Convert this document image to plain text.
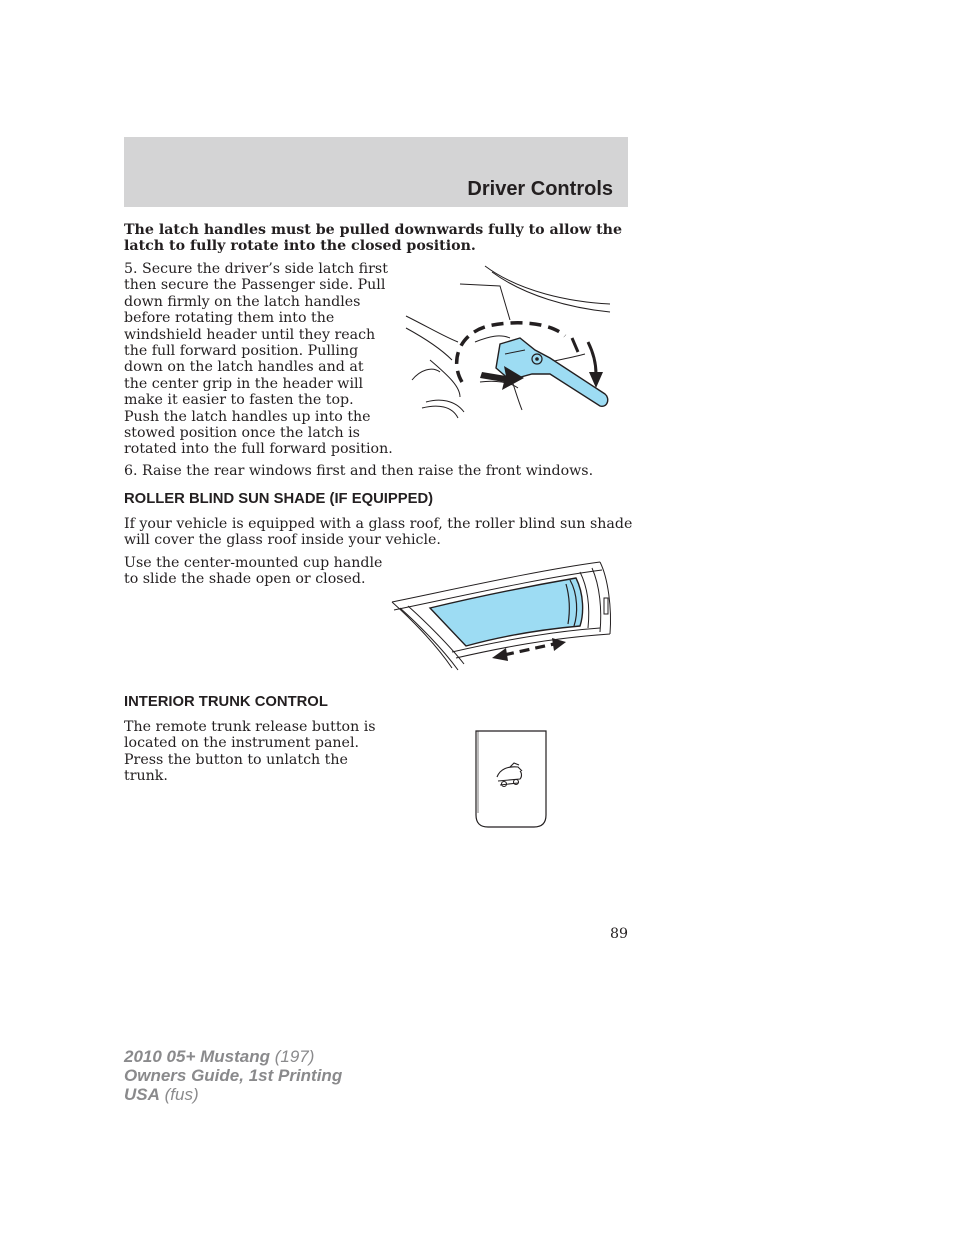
Driver Controls
The latch handles must be pulled downwards fully to allow the
latch to fully rotate into the closed position.
5. Secure the driver’s side latch first
then secure the Passenger side. Pull
down firmly on the latch handles
before rotating them into the
windshield header until they reach
the full forward position. Pulling
down on the latch handles and at
the center grip in the header will
make it easier to fasten the top.
Push the latch handles up into the
stowed position once the latch is
rotated into the full forward position.
6. Raise the rear windows first and then raise the front windows.
ROLLER BLIND SUN SHADE (IF EQUIPPED)
If your vehicle is equipped with a glass roof, the roller blind sun shade
will cover the glass roof inside your vehicle.
Use the center-mounted cup handle
to slide the shade open or closed.
INTERIOR TRUNK CONTROL
The remote trunk release button is
located on the instrument panel.
Press the button to unlatch the
trunk.
89
2010 05+ Mustang (197)
Owners Guide, 1st Printing
USA (fus)
